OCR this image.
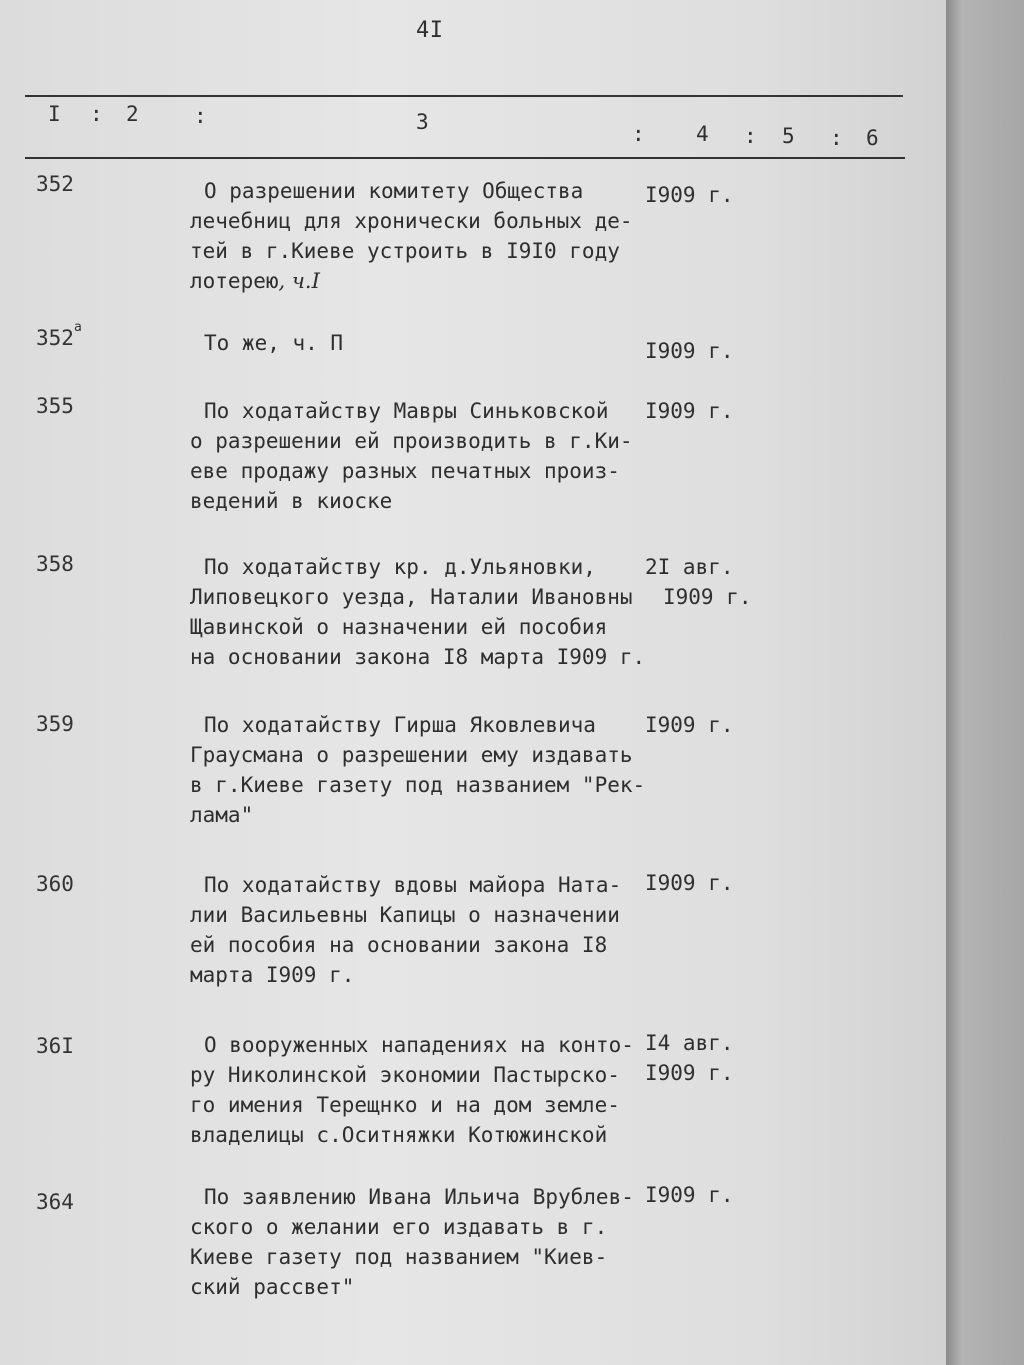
4I
I : 2	:	3	: 4 : 5 : 6
352	О разрешении комитету Общества
лечебниц для хронически больных де-
тей в г.Киеве устроить в I9I0 году
лотерею, ч.I
I909 г.
$352^а$
То же, ч. П	I909 г.
355	По ходатайству Мавры Синьковской
о разрешении ей производить в г.Ки-
еве продажу разных печатных произ-
ведений в киоске
I909 г.
358	По ходатайству кр. д.Ульяновки,
Липовецкого уезда, Наталии Ивановны
Щавинской о назначении ей пособия
на основании закона I8 марта I909 г.
2I авг.
I909 г.
359	По ходатайству Гирша Яковлевича
Граусмана о разрешении ему издавать
в г.Киеве газету под названием "Рек-
лама"
I909 г.
360	По ходатайству вдовы майора Ната-
лии Васильевны Капицы о назначении
ей пособия на основании закона I8
марта I909 г.
I909 г.
36I	О вооруженных нападениях на конто-
ру Николинской экономии Пастырско-
го имения Терещнко и на дом земле-
владелицы с.Оситняжки Котюжинской
I4 авг.
I909 г.
364	По заявлению Ивана Ильича Врублев-
ского о желании его издавать в г.
Киеве газету под названием "Киев-
ский рассвет"
I909 г.
